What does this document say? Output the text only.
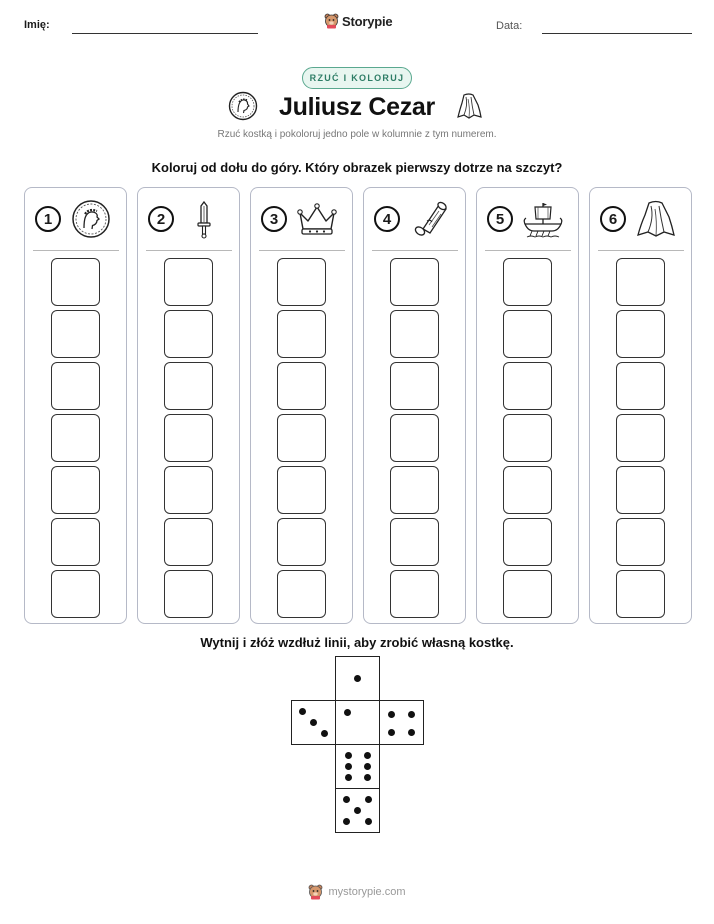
Imię:	Storypie	Data:
RZUĆ I KOLORUJ
Juliusz Cezar
Rzuć kostką i pokoloruj jedno pole w kolumnie z tym numerem.
Koloruj od dołu do góry. Który obrazek pierwszy dotrze na szczyt?
1	2	3	4	5	6
Wytnij i złóż wzdłuż linii, aby zrobić własną kostkę.
mystorypie.com
